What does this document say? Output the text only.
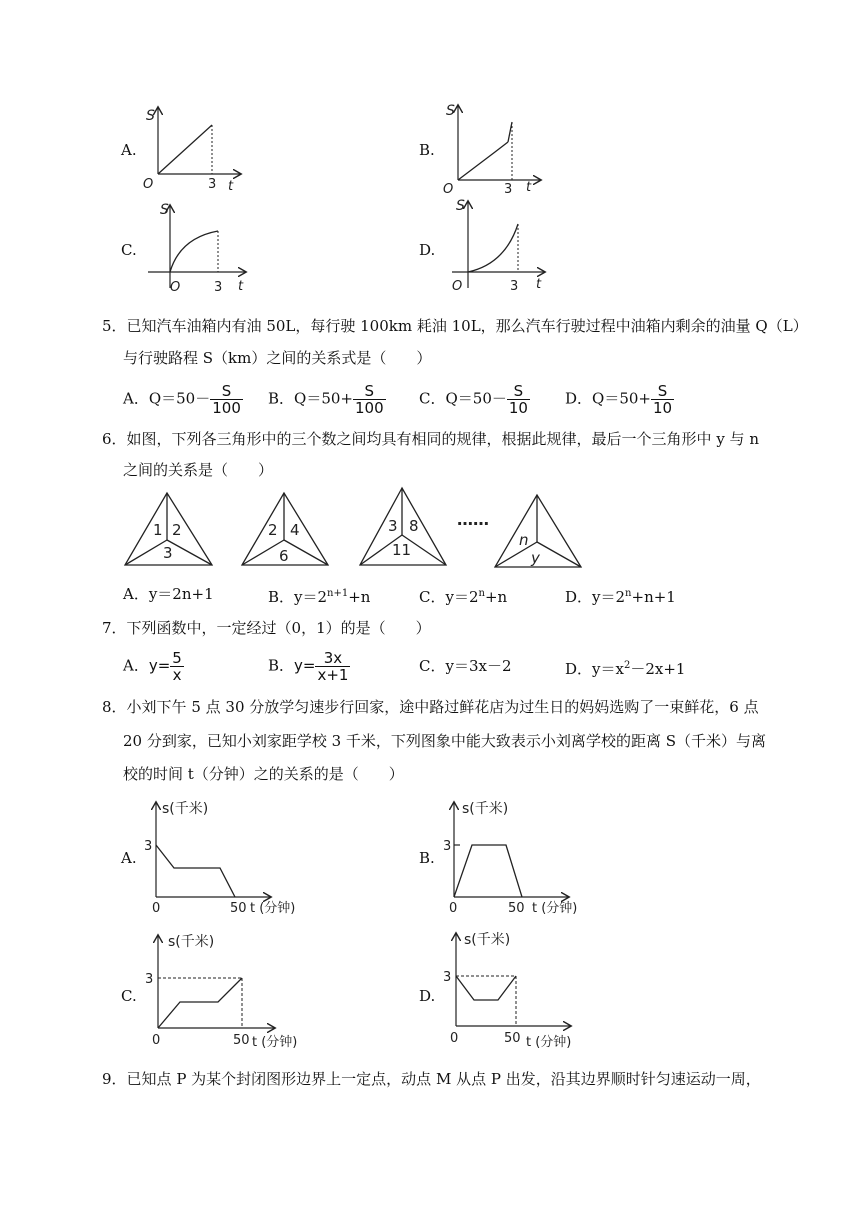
A.
S
O	3 t
B.
S
O	3 t
C.
S
O	3 t
D.
S
O	3 t
5．已知汽车油箱内有油 50L，每行驶 100km 耗油 10L，那么汽车行驶过程中油箱内剩余的油量 Q（L）
与行驶路程 S（km）之间的关系式是（　　）
A．$Q=50- \frac{S}{100}$ B．$Q=50+ \frac{S}{100}$ C．$Q=50- \frac{S}{10}$ D．$Q=50+ \frac{S}{10}$
6．如图，下列各三角形中的三个数之间均具有相同的规律，根据此规律，最后一个三角形中 y 与 n
之间的关系是（　　）
1 2
3
2 4
6
3 8
11
……
n
y
A．y＝2n+1	B．$y=2^{n+1}+n$	C．$y=2^n+n$	D．$y=2^n+n+1$
7．下列函数中，一定经过（0，1）的是（　　）
A．$y= \frac{5}{x}$	B．$y= \frac{3x}{x+1}$	C．y＝3x－2	D．$y=x^2-2x+1$
8．小刘下午 5 点 30 分放学匀速步行回家，途中路过鲜花店为过生日的妈妈选购了一束鲜花，6 点
20 分到家，已知小刘家距学校 3 千米，下列图象中能大致表示小刘离学校的距离 S（千米）与离
校的时间 t（分钟）之的关系的是（　　）
A.
s(千米)
3
0	50 t (分钟)
B.
s(千米)
3
0	50 t (分钟)
C.
s(千米)
3
0	50 t (分钟)
D.
s(千米)
3
0	50 t (分钟)
9．已知点 P 为某个封闭图形边界上一定点，动点 M 从点 P 出发，沿其边界顺时针匀速运动一周，
